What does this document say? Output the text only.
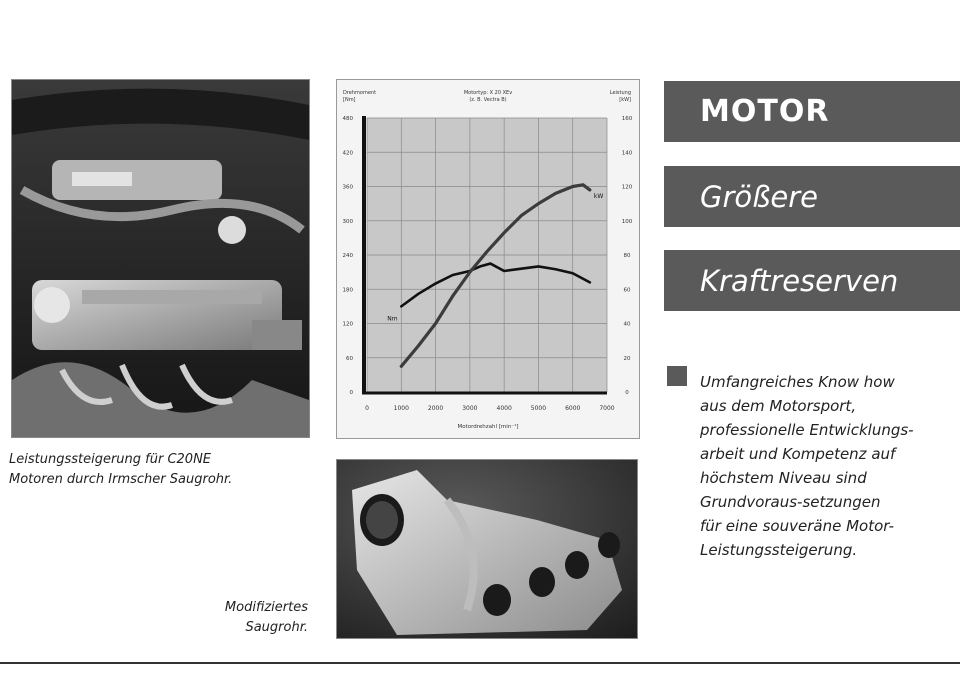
Leistungssteigerung für C20NE
Motoren durch Irmscher Saugrohr.
0	1000	2000	3000	4000	5000	6000	7000
0
60
120
180
240
300
360
420
480
0
20
40
60
80
100
120
140
160
Drehmoment
[Nm]
Motortyp: X 20 XEv
(z. B. Vectra B)
Leistung
[kW]
Motordrehzahl [min⁻¹]
Nm
kW
Modifiziertes
Saugrohr.
MOTOR
Größere
Kraftreserven
Umfangreiches Know how
aus dem Motorsport,
professionelle Entwicklungs-
arbeit und Kompetenz auf
höchstem Niveau sind
Grundvoraus-setzungen
für eine souveräne Motor-
Leistungssteigerung.
